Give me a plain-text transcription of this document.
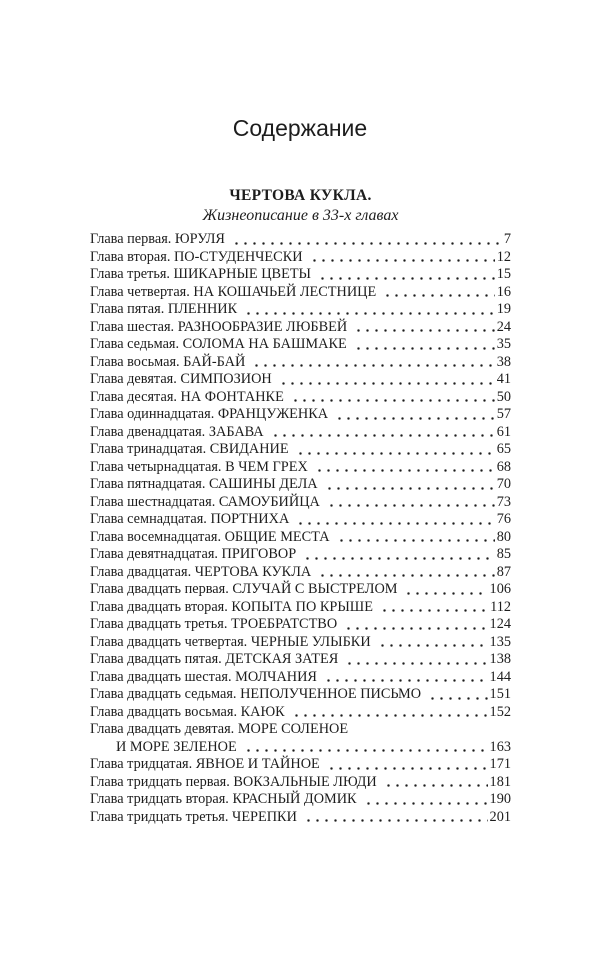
Содержание
ЧЕРТОВА КУКЛА.
Жизнеописание в 33-х главах
Глава первая. ЮРУЛЯ	7
Глава вторая. ПО-СТУДЕНЧЕСКИ	12
Глава третья. ШИКАРНЫЕ ЦВЕТЫ	15
Глава четвертая. НА КОШАЧЬЕЙ ЛЕСТНИЦЕ	16
Глава пятая. ПЛЕННИК	19
Глава шестая. РАЗНООБРАЗИЕ ЛЮБВЕЙ	24
Глава седьмая. СОЛОМА НА БАШМАКЕ	35
Глава восьмая. БАЙ-БАЙ	38
Глава девятая. СИМПОЗИОН	41
Глава десятая. НА ФОНТАНКЕ	50
Глава одиннадцатая. ФРАНЦУЖЕНКА	57
Глава двенадцатая. ЗАБАВА	61
Глава тринадцатая. СВИДАНИЕ	65
Глава четырнадцатая. В ЧЕМ ГРЕХ	68
Глава пятнадцатая. САШИНЫ ДЕЛА	70
Глава шестнадцатая. САМОУБИЙЦА	73
Глава семнадцатая. ПОРТНИХА	76
Глава восемнадцатая. ОБЩИЕ МЕСТА	80
Глава девятнадцатая. ПРИГОВОР	85
Глава двадцатая. ЧЕРТОВА КУКЛА	87
Глава двадцать первая. СЛУЧАЙ С ВЫСТРЕЛОМ	106
Глава двадцать вторая. КОПЫТА ПО КРЫШЕ	112
Глава двадцать третья. ТРОЕБРАТСТВО	124
Глава двадцать четвертая. ЧЕРНЫЕ УЛЫБКИ	135
Глава двадцать пятая. ДЕТСКАЯ ЗАТЕЯ	138
Глава двадцать шестая. МОЛЧАНИЯ	144
Глава двадцать седьмая. НЕПОЛУЧЕННОЕ ПИСЬМО	151
Глава двадцать восьмая. КАЮК	152
Глава двадцать девятая. МОРЕ СОЛЕНОЕ
И МОРЕ ЗЕЛЕНОЕ	163
Глава тридцатая. ЯВНОЕ И ТАЙНОЕ	171
Глава тридцать первая. ВОКЗАЛЬНЫЕ ЛЮДИ	181
Глава тридцать вторая. КРАСНЫЙ ДОМИК	190
Глава тридцать третья. ЧЕРЕПКИ	201
